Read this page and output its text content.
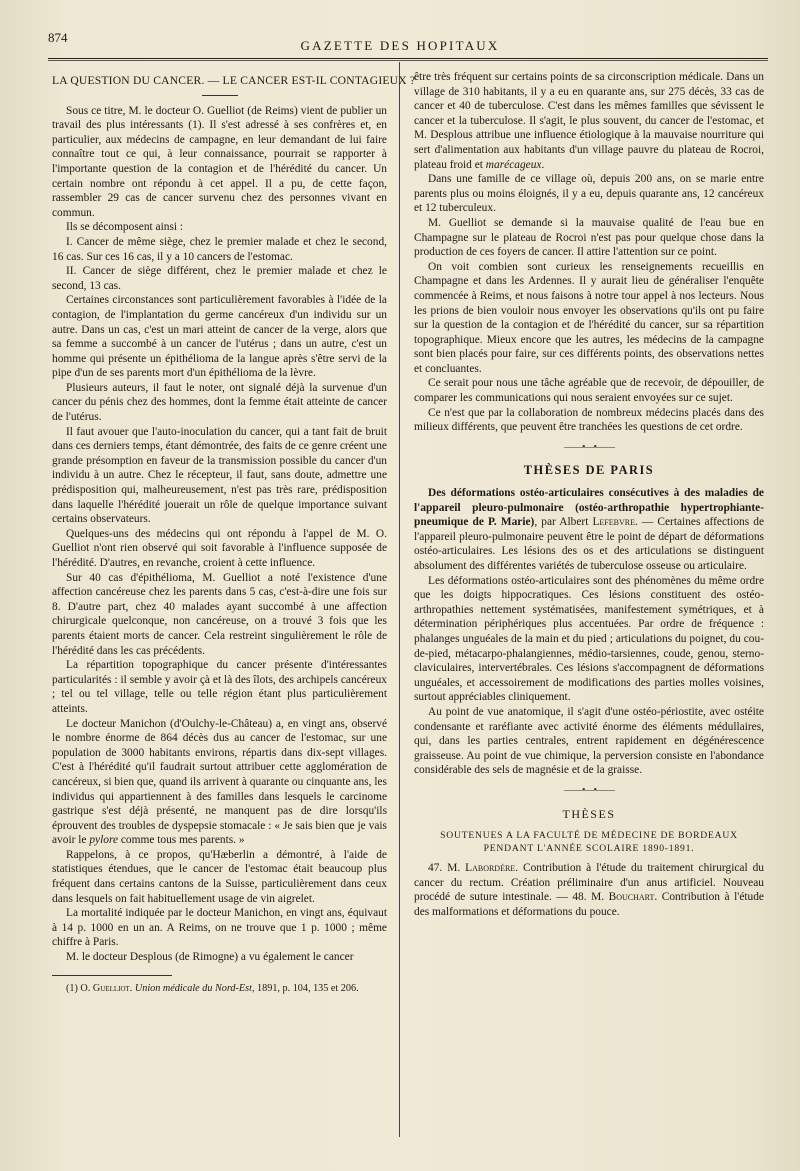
874
GAZETTE DES HOPITAUX
LA QUESTION DU CANCER. — LE CANCER EST-IL CONTAGIEUX ?

Sous ce titre, M. le docteur O. Guelliot (de Reims) vient de publier un travail des plus intéressants (1). Il s'est adressé à ses confrères et, en particulier, aux médecins de campagne, en leur demandant de lui faire connaître tout ce qui, à leur connaissance, pourrait se rapporter à l'importante question de la contagion et de l'hérédité du cancer. Un certain nombre ont répondu à cet appel. Il a pu, de cette façon, rassembler 29 cas de cancer survenu chez des personnes vivant en commun.

Ils se décomposent ainsi :

I. Cancer de même siège, chez le premier malade et chez le second, 16 cas. Sur ces 16 cas, il y a 10 cancers de l'estomac.

II. Cancer de siège différent, chez le premier malade et chez le second, 13 cas.

Certaines circonstances sont particulièrement favorables à l'idée de la contagion, de l'implantation du germe cancéreux d'un individu sur un autre. Dans un cas, c'est un mari atteint de cancer de la verge, alors que sa femme a succombé à un cancer de l'utérus ; dans un autre, c'est un homme qui présente un épithélioma de la langue après s'être servi de la pipe d'un de ses parents mort d'un épithélioma de la lèvre.

Plusieurs auteurs, il faut le noter, ont signalé déjà la survenue d'un cancer du pénis chez des hommes, dont la femme était atteinte de cancer de l'utérus.

Il faut avouer que l'auto-inoculation du cancer, qui a tant fait de bruit dans ces derniers temps, étant démontrée, des faits de ce genre créent une grande présomption en faveur de la transmission possible du cancer d'un individu à un autre. Chez le récepteur, il faut, sans doute, admettre une prédisposition qui, malheureusement, n'est pas très rare, prédisposition dans laquelle l'hérédité jouerait un rôle de quelque importance suivant certains observateurs.

Quelques-uns des médecins qui ont répondu à l'appel de M. O. Guelliot n'ont rien observé qui soit favorable à l'influence supposée de l'hérédité. D'autres, en revanche, croient à cette influence.

Sur 40 cas d'épithélioma, M. Guelliot a noté l'existence d'une affection cancéreuse chez les parents dans 5 cas, c'est-à-dire une fois sur 8. D'autre part, chez 40 malades ayant succombé à une affection chirurgicale quelconque, non cancéreuse, on a trouvé 3 fois que les parents étaient morts de cancer. Cela restreint singulièrement le rôle de l'hérédité dans les cas précédents.

La répartition topographique du cancer présente d'intéressantes particularités : il semble y avoir çà et là des îlots, des archipels cancéreux ; tel ou tel village, telle ou telle région étant plus particulièrement atteints.

Le docteur Manichon (d'Oulchy-le-Château) a, en vingt ans, observé le nombre énorme de 864 décès dus au cancer de l'estomac, sur une population de 3000 habitants environs, répartis dans dix-sept villages. C'est à l'hérédité qu'il faudrait surtout attribuer cette agglomération de cancéreux, si bien que, quand ils arrivent à quarante ou cinquante ans, les individus qui appartiennent à des familles dans lesquels le carcinome gastrique s'est déjà présenté, ne manquent pas de dire lorsqu'ils éprouvent des troubles de dyspepsie stomacale : « Je sais bien que je vais avoir le pylore comme tous mes parents. »

Rappelons, à ce propos, qu'Hæberlin a démontré, à l'aide de statistiques étendues, que le cancer de l'estomac était beaucoup plus fréquent dans certains cantons de la Suisse, particulièrement dans ceux dans lesquels on fait habituellement usage de vin aigrelet.

La mortalité indiquée par le docteur Manichon, en vingt ans, équivaut à 14 p. 1000 en un an. A Reims, on ne trouve que 1 p. 1000 ; même chiffre à Paris.

M. le docteur Desplous (de Rimogne) a vu également le cancer

(1) O. Guelliot. Union médicale du Nord-Est, 1891, p. 104, 135 et 206.

être très fréquent sur certains points de sa circonscription médicale. Dans un village de 310 habitants, il y a eu en quarante ans, sur 275 décès, 33 cas de cancer et 40 de tuberculose. C'est dans les mêmes familles que sévissent le cancer et la tuberculose. Il s'agit, le plus souvent, du cancer de l'estomac, et M. Desplous attribue une influence étiologique à la mauvaise nourriture qui sert d'alimentation aux habitants d'un village pauvre du plateau de Rocroi, plateau froid et marécageux.

Dans une famille de ce village où, depuis 200 ans, on se marie entre parents plus ou moins éloignés, il y a eu, depuis quarante ans, 12 cancéreux et 12 tuberculeux.

M. Guelliot se demande si la mauvaise qualité de l'eau bue en Champagne sur le plateau de Rocroi n'est pas pour quelque chose dans la production de ces foyers de cancer. Il attire l'attention sur ce point.

On voit combien sont curieux les renseignements recueillis en Champagne et dans les Ardennes. Il y aurait lieu de généraliser l'enquête commencée à Reims, et nous faisons à notre tour appel à nos lecteurs. Nous les prions de bien vouloir nous envoyer les observations qu'ils ont pu faire sur la question de la contagion et de l'hérédité du cancer, sur sa répartition topographique. Mieux encore que les autres, les médecins de la campagne sont bien placés pour faire, sur ces différents points, des observations nettes et concluantes.

Ce serait pour nous une tâche agréable que de recevoir, de dépouiller, de comparer les communications qui nous seraient envoyées sur ce sujet.

Ce n'est que par la collaboration de nombreux médecins placés dans des milieux différents, que peuvent être tranchées les questions de cet ordre.

——•—•——
THÈSES DE PARIS

Des déformations ostéo-articulaires consécutives à des maladies de l'appareil pleuro-pulmonaire (ostéo-arthropathie hypertrophiante-pneumique de P. Marie), par Albert Lefebvre. — Certaines affections de l'appareil pleuro-pulmonaire peuvent être le point de départ de déformations ostéo-articulaires. Les lésions des os et des articulations se distinguent absolument des différentes variétés de tuberculose osseuse ou articulaire.

Les déformations ostéo-articulaires sont des phénomènes du même ordre que les doigts hippocratiques. Ces lésions constituent des ostéo-arthropathies nettement systématisées, manifestement symétriques, et à détermination périphériques plus accentuées. Par ordre de fréquence : phalanges unguéales de la main et du pied ; articulations du poignet, du cou-de-pied, métacarpo-phalangiennes, médio-tarsiennes, coude, genou, sterno-claviculaires, intervertébrales. Ces lésions s'accompagnent de déformations unguéales, et accessoirement de modifications des parties molles voisines, surtout appréciables cliniquement.

Au point de vue anatomique, il s'agit d'une ostéo-périostite, avec ostéite condensante et raréfiante avec activité énorme des éléments médullaires, qui, dans les parties centrales, entrent rapidement en dégénérescence graisseuse. Au point de vue chimique, la perversion consiste en l'abondance considérable des sels de magnésie et de la graisse.

——•—•——
THÈSES
SOUTENUES A LA FACULTÉ DE MÉDECINE DE BORDEAUX
PENDANT L'ANNÉE SCOLAIRE 1890-1891.

47. M. Labordère. Contribution à l'étude du traitement chirurgical du cancer du rectum. Création préliminaire d'un anus artificiel. Nouveau procédé de suture intestinale. — 48. M. Bouchart. Contribution à l'étude des malformations et déformations du pouce.
